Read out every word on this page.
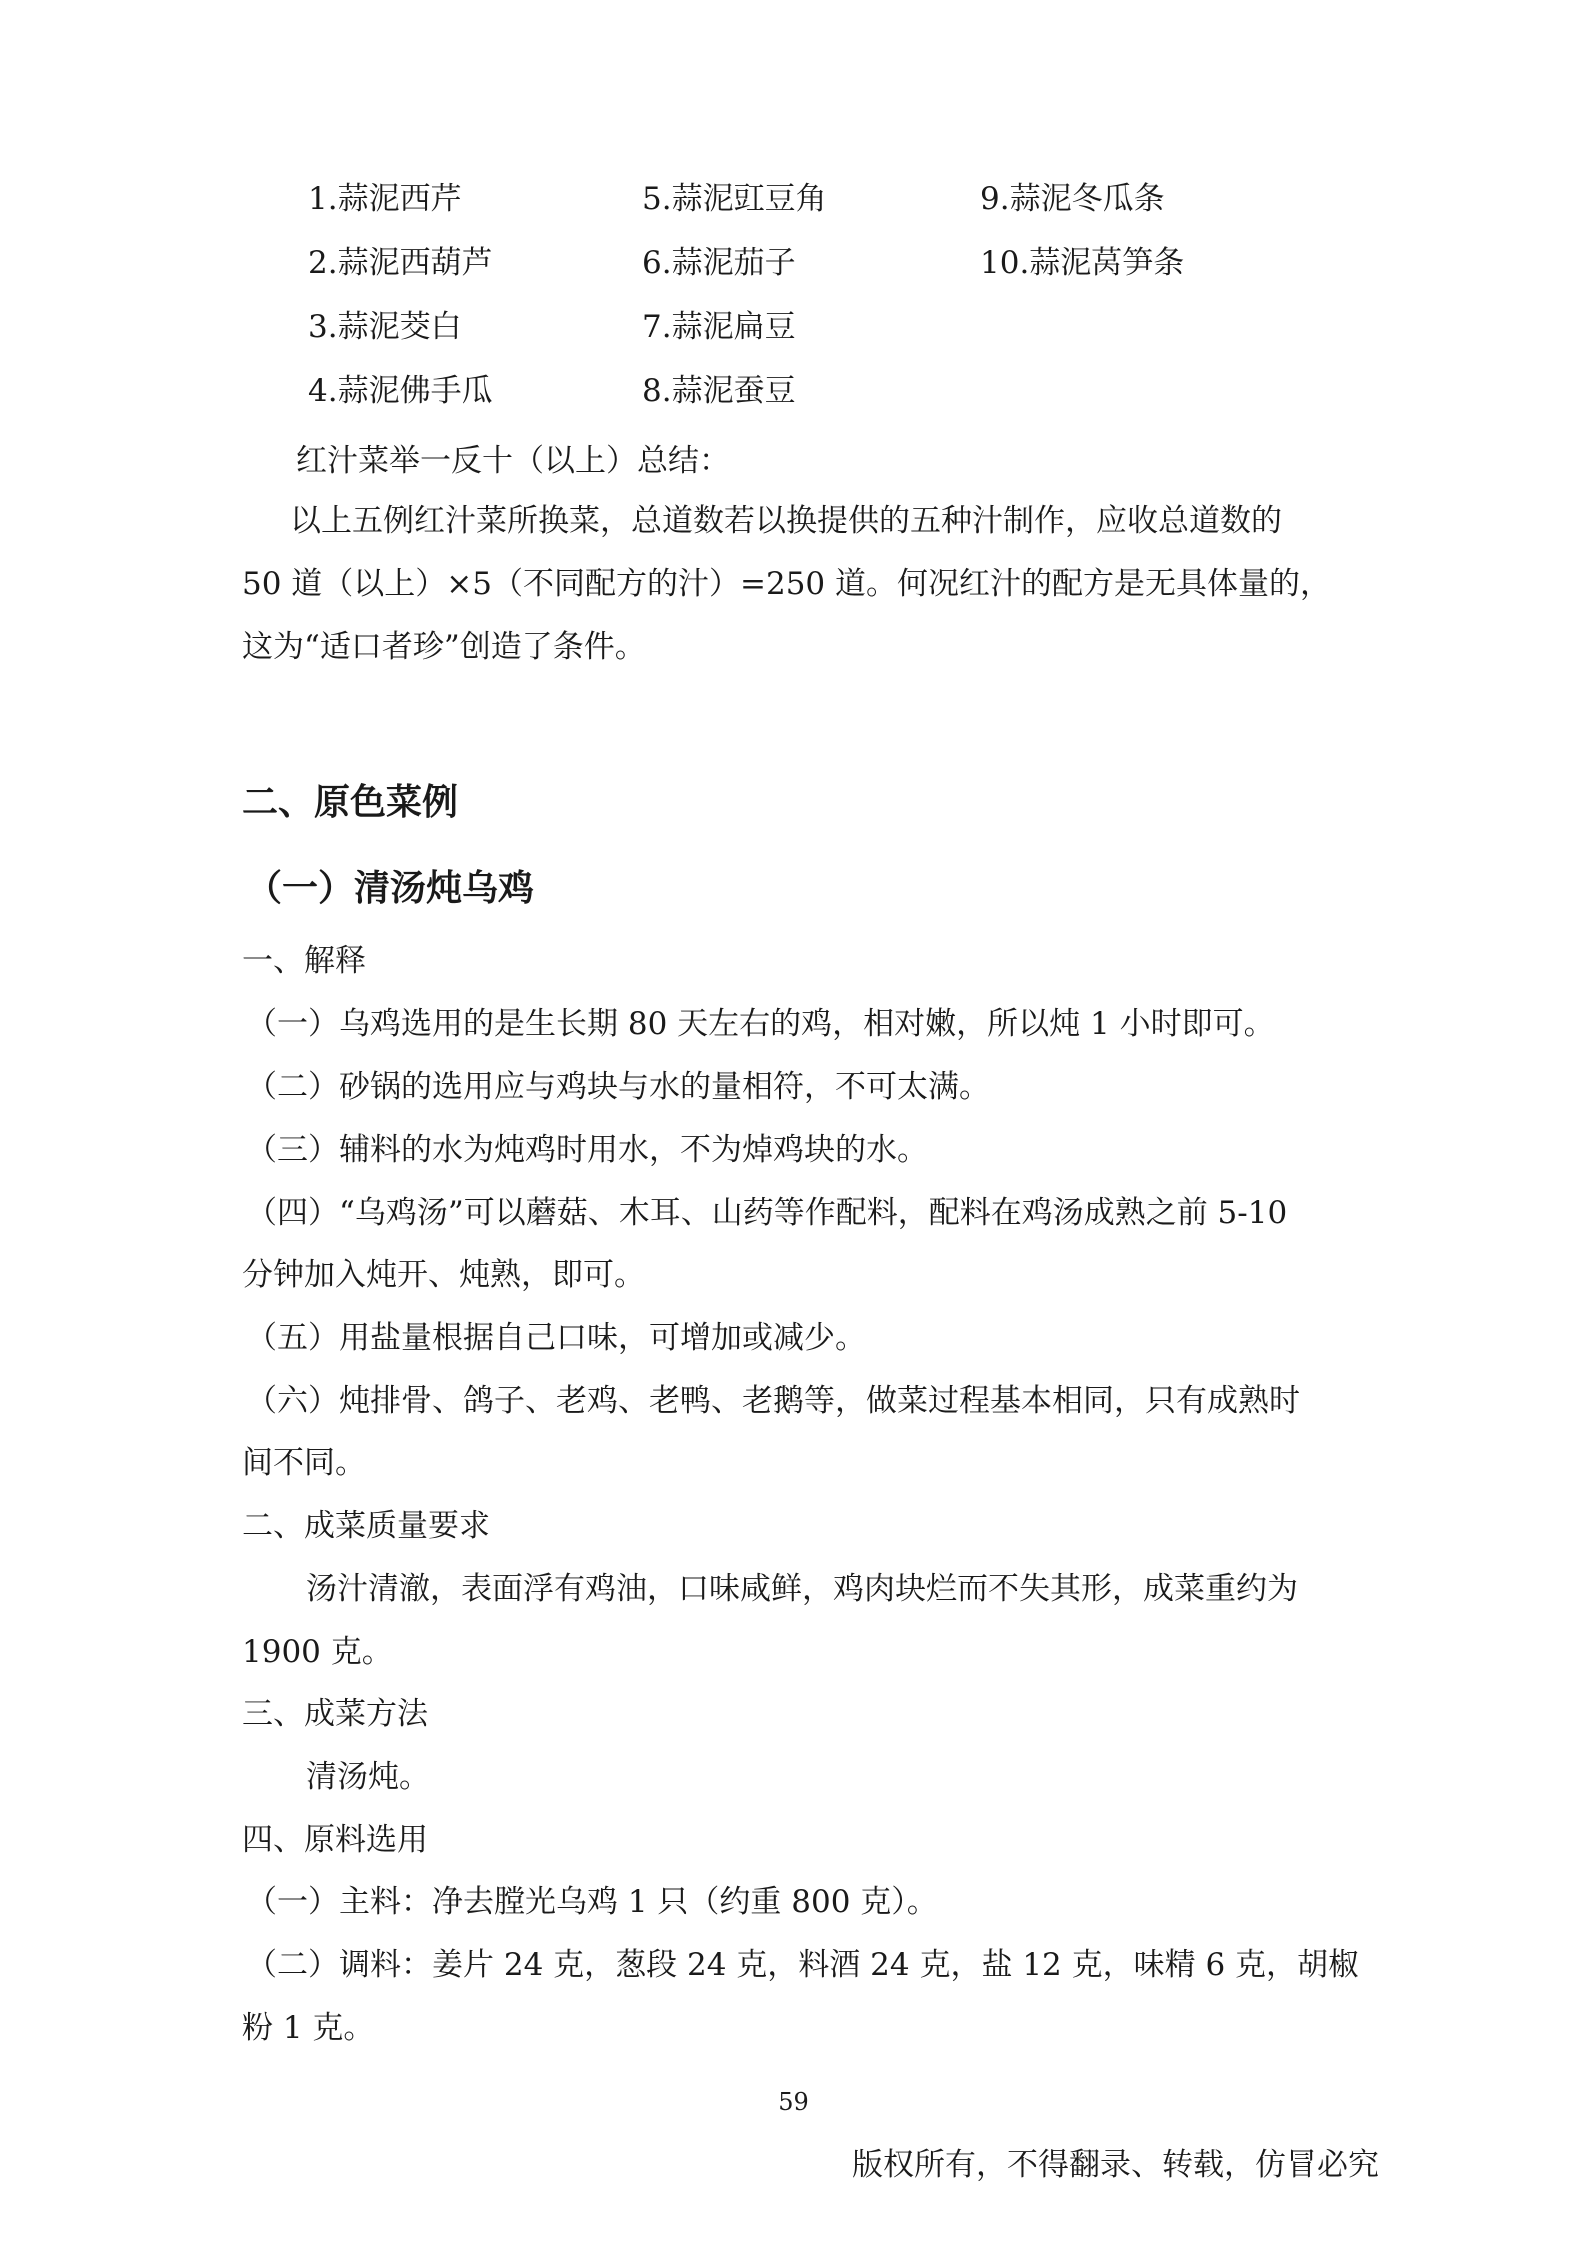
1.蒜泥西芹	5.蒜泥豇豆角	9.蒜泥冬瓜条
2.蒜泥西葫芦	6.蒜泥茄子	10.蒜泥莴笋条
3.蒜泥茭白	7.蒜泥扁豆
4.蒜泥佛手瓜	8.蒜泥蚕豆
红汁菜举一反十（以上）总结：
以上五例红汁菜所换菜，总道数若以换提供的五种汁制作，应收总道数的
50 道（以上）×5（不同配方的汁）=250 道。何况红汁的配方是无具体量的，
这为“适口者珍”创造了条件。
二、原色菜例
（一）清汤炖乌鸡
一、解释
（一）乌鸡选用的是生长期 80 天左右的鸡，相对嫩，所以炖 1 小时即可。
（二）砂锅的选用应与鸡块与水的量相符，不可太满。
（三）辅料的水为炖鸡时用水，不为焯鸡块的水。
（四）“乌鸡汤”可以蘑菇、木耳、山药等作配料，配料在鸡汤成熟之前 5-10
分钟加入炖开、炖熟，即可。
（五）用盐量根据自己口味，可增加或减少。
（六）炖排骨、鸽子、老鸡、老鸭、老鹅等，做菜过程基本相同，只有成熟时
间不同。
二、成菜质量要求
汤汁清澈，表面浮有鸡油，口味咸鲜，鸡肉块烂而不失其形，成菜重约为
1900 克。
三、成菜方法
清汤炖。
四、原料选用
（一）主料：净去膛光乌鸡 1 只（约重 800 克）。
（二）调料：姜片 24 克，葱段 24 克，料酒 24 克，盐 12 克，味精 6 克，胡椒
粉 1 克。
59
版权所有，不得翻录、转载，仿冒必究
